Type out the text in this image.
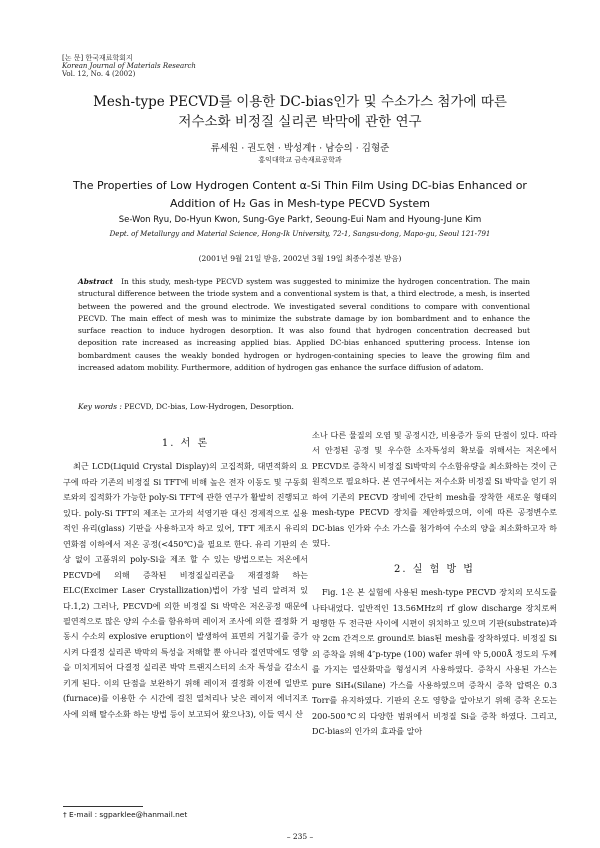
[논 문] 한국재료학회지
Korean Journal of Materials Research
Vol. 12, No. 4 (2002)
Mesh-type PECVD를 이용한 DC-bias인가 및 수소가스 첨가에 따른
저수소화 비정질 실리콘 박막에 관한 연구
류세원 · 권도현 · 박성계† · 남승의 · 김형준
홍익대학교 금속재료공학과
The Properties of Low Hydrogen Content α-Si Thin Film Using DC-bias Enhanced or
Addition of H₂ Gas in Mesh-type PECVD System
Se-Won Ryu, Do-Hyun Kwon, Sung-Gye Park†, Seoung-Eui Nam and Hyoung-June Kim
Dept. of Metallurgy and Material Science, Hong-Ik University, 72-1, Sangsu-dong, Mapo-gu, Seoul 121-791
(2001년 9월 21일 받음, 2002년 3월 19일 최종수정본 받음)
Abstract In this study, mesh-type PECVD system was suggested to minimize the hydrogen concentration. The main structural difference between the triode system and a conventional system is that, a third electrode, a mesh, is inserted between the powered and the ground electrode. We investigated several conditions to compare with conventional PECVD. The main effect of mesh was to minimize the substrate damage by ion bombardment and to enhance the surface reaction to induce hydrogen desorption. It was also found that hydrogen concentration decreased but deposition rate increased as increasing applied bias. Applied DC-bias enhanced sputtering process. Intense ion bombardment causes the weakly bonded hydrogen or hydrogen-containing species to leave the growing film and increased adatom mobility. Furthermore, addition of hydrogen gas enhance the surface diffusion of adatom.
Key words : PECVD, DC-bias, Low-Hydrogen, Desorption.
1. 서 론

최근 LCD(Liquid Crystal Display)의 고집적화, 대면적화의 요구에 따라 기존의 비정질 Si TFT에 비해 높은 전자 이동도 및 구동회로와의 집적화가 가능한 poly-Si TFT에 관한 연구가 활발히 진행되고 있다. poly-Si TFT의 제조는 고가의 석영기판 대신 경제적으로 실용적인 유리(glass) 기판을 사용하고자 하고 있어, TFT 제조시 유리의 연화점 이하에서 저온 공정(<450℃)을 필요로 한다. 유리 기판의 손상 없이 고품위의 poly-Si을 제조 할 수 있는 방법으로는 저온에서 PECVD에 의해 증착된 비정질실리콘을 재결정화 하는 ELC(Excimer Laser Crystallization)법이 가장 널리 알려져 있다.1,2) 그러나, PECVD에 의한 비정질 Si 박막은 저온공정 때문에 필연적으로 많은 양의 수소를 함유하며 레이저 조사에 의한 결정화 거동시 수소의 explosive eruption이 발생하여 표면의 거칠기를 증가시켜 다결정 실리콘 박막의 특성을 저해할 뿐 아니라 절연막에도 영향을 미치게되어 다결정 실리콘 박막 트랜지스터의 소자 특성을 감소시키게 된다. 이의 단점을 보완하기 위해 레이저 결정화 이전에 일반로(furnace)를 이용한 수 시간에 걸친 열처리나 낮은 레이저 에너지조사에 의해 탈수소화 하는 방법 등이 보고되어 왔으나3), 이들 역시 산

소나 다른 물질의 오염 및 공정시간, 비용증가 등의 단점이 있다. 따라서 안정된 공정 및 우수한 소자특성의 확보를 위해서는 저온에서 PECVD로 증착시 비정질 Si박막의 수소함유량을 최소화하는 것이 근원적으로 필요하다. 본 연구에서는 저수소화 비정질 Si 박막을 얻기 위하여 기존의 PECVD 장비에 간단히 mesh를 장착한 새로운 형태의 mesh-type PECVD 장치를 제안하였으며, 이에 따른 공정변수로 DC-bias 인가와 수소 가스를 첨가하여 수소의 양을 최소화하고자 하였다.

2. 실 험 방 법

Fig. 1은 본 실험에 사용된 mesh-type PECVD 장치의 모식도를 나타내었다. 일반적인 13.56MHz의 rf glow discharge 장치로써 평행한 두 전극판 사이에 시편이 위치하고 있으며 기판(substrate)과 약 2cm 간격으로 ground로 bias된 mesh를 장착하였다. 비정질 Si의 증착을 위해 4″p-type (100) wafer 위에 약 5,000Å 정도의 두께를 가지는 열산화막을 형성시켜 사용하였다. 증착시 사용된 가스는 pure SiH₄(Silane) 가스를 사용하였으며 증착시 증착 압력은 0.3 Torr를 유지하였다. 기판의 온도 영향을 알아보기 위해 증착 온도는 200-500℃의 다양한 범위에서 비정질 Si을 증착 하였다. 그리고, DC-bias의 인가의 효과를 알아

† E-mail : sgparklee@hanmail.net
– 235 –
